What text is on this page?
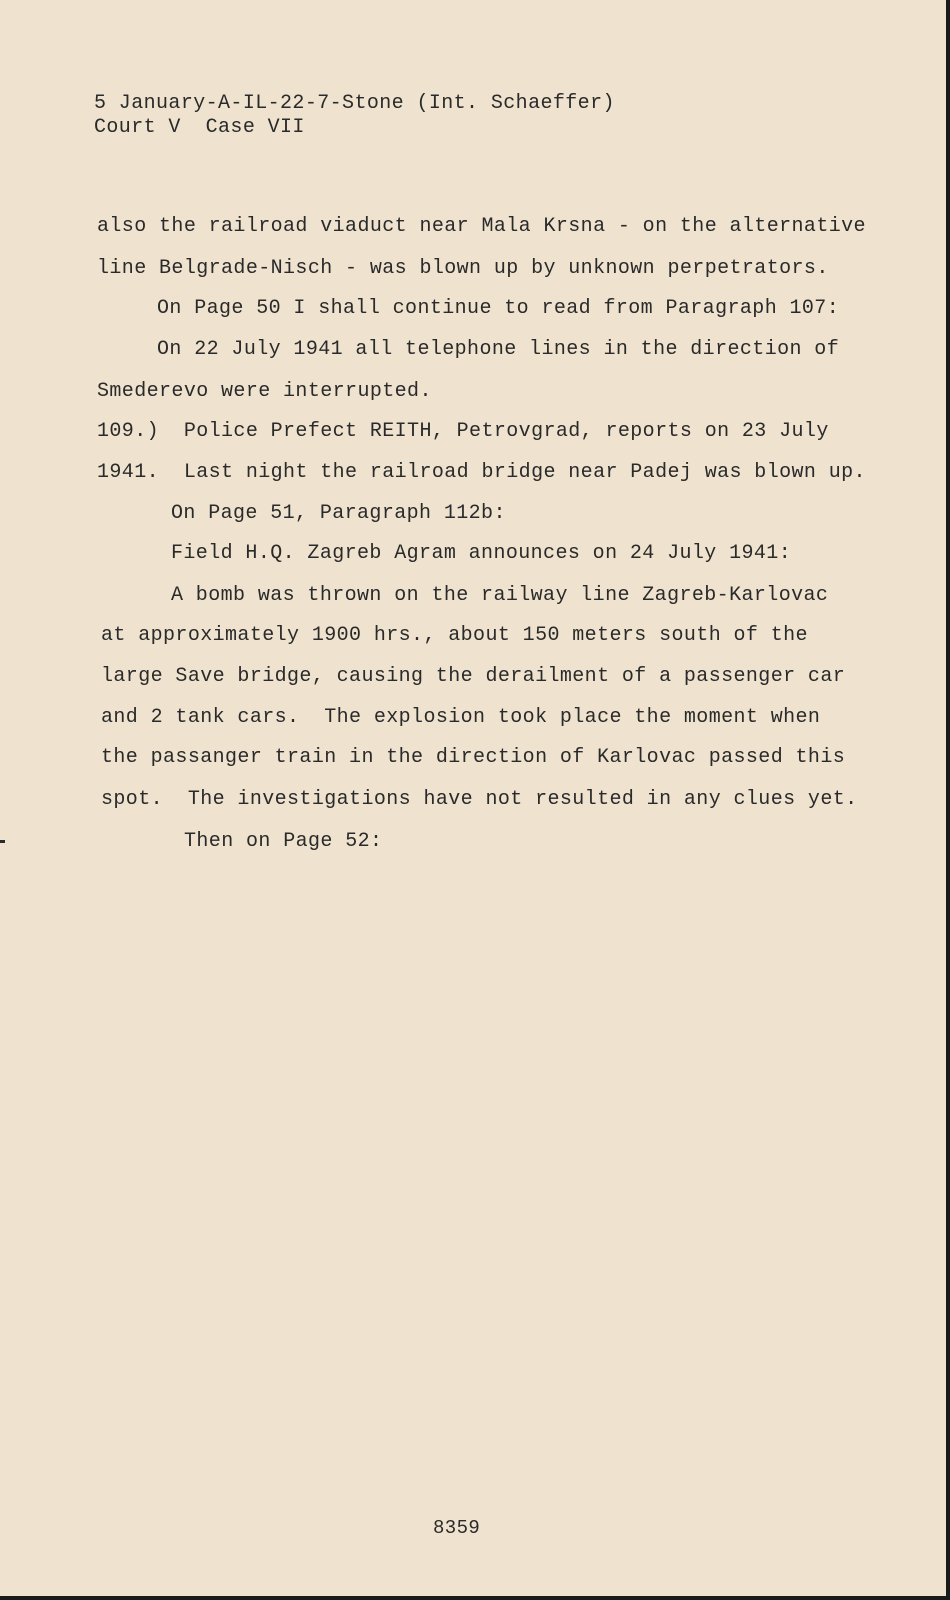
5 January-A-IL-22-7-Stone (Int. Schaeffer)
Court V  Case VII
also the railroad viaduct near Mala Krsna - on the alternative
line Belgrade-Nisch - was blown up by unknown perpetrators.
On Page 50 I shall continue to read from Paragraph 107:
On 22 July 1941 all telephone lines in the direction of
Smederevo were interrupted.
109.)  Police Prefect REITH, Petrovgrad, reports on 23 July
1941.  Last night the railroad bridge near Padej was blown up.
On Page 51, Paragraph 112b:
Field H.Q. Zagreb Agram announces on 24 July 1941:
A bomb was thrown on the railway line Zagreb-Karlovac
at approximately 1900 hrs., about 150 meters south of the
large Save bridge, causing the derailment of a passenger car
and 2 tank cars.  The explosion took place the moment when
the passanger train in the direction of Karlovac passed this
spot.  The investigations have not resulted in any clues yet.
Then on Page 52:
8359
